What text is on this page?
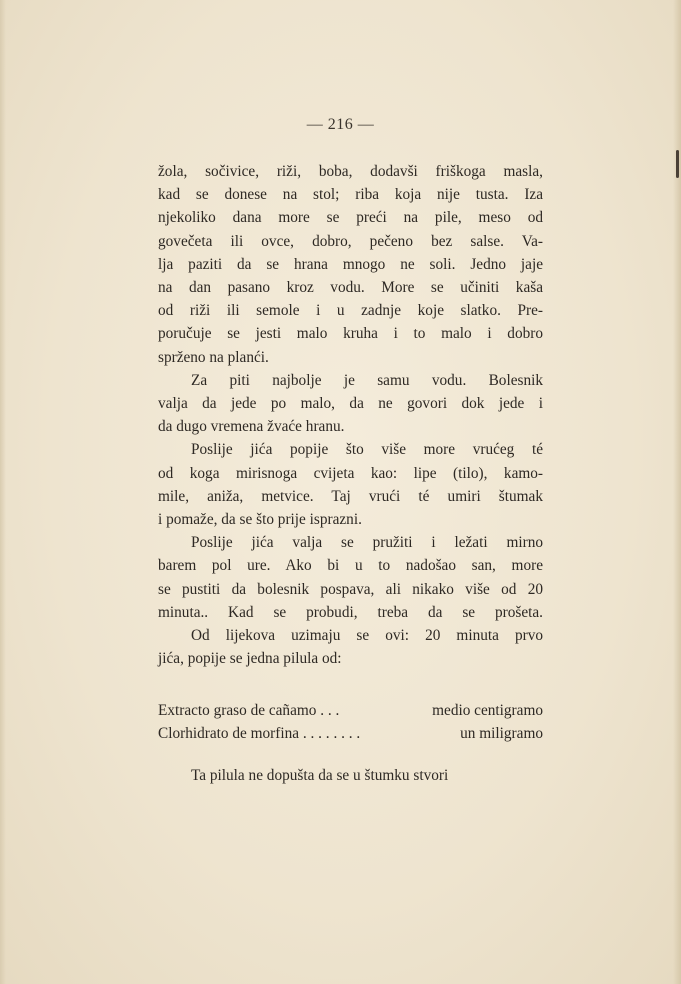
— 216 —

žola, sočivice, riži, boba, dodavši friškoga masla,
kad se donese na stol; riba koja nije tusta. Iza
njekoliko dana more se preći na pile, meso od
govečeta ili ovce, dobro, pečeno bez salse. Va-
lja paziti da se hrana mnogo ne soli. Jedno jaje
na dan pasano kroz vodu. More se učiniti kaša
od riži ili semole i u zadnje koje slatko. Pre-
poručuje se jesti malo kruha i to malo i dobro
sprženo na planći.

Za piti najbolje je samu vodu. Bolesnik
valja da jede po malo, da ne govori dok jede i
da dugo vremena žvaće hranu.

Poslije jića popije što više more vrućeg té
od koga mirisnoga cvijeta kao: lipe (tilo), kamo-
mile, aniža, metvice. Taj vrući té umiri štumak
i pomaže, da se što prije isprazni.

Poslije jića valja se pružiti i ležati mirno
barem pol ure. Ako bi u to nadošao san, more
se pustiti da bolesnik pospava, ali nikako više od 20
minuta.. Kad se probudi, treba da se prošeta.

Od lijekova uzimaju se ovi: 20 minuta prvo
jića, popije se jedna pilula od:

Extracto graso de cañamo . . .	medio centigramo
Clorhidrato de morfina . . . . . . . .	un miligramo
Ta pilula ne dopušta da se u štumku stvori
